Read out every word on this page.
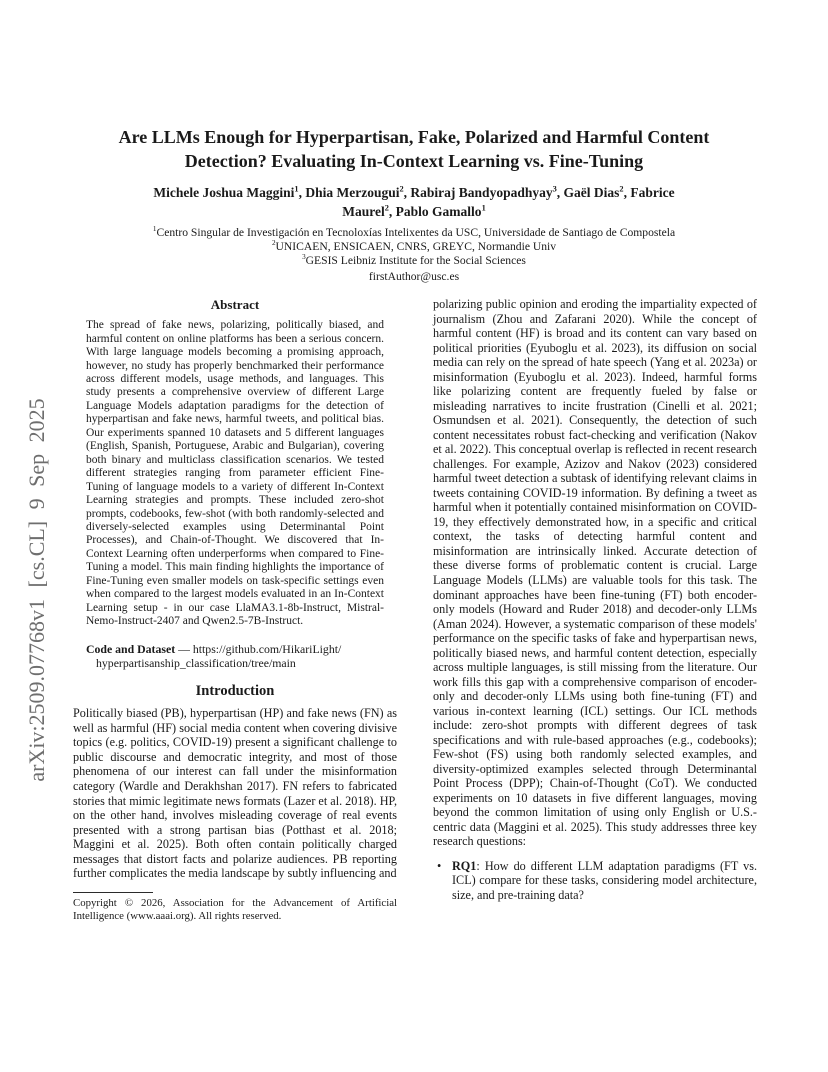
arXiv:2509.07768v1 [cs.CL] 9 Sep 2025
Are LLMs Enough for Hyperpartisan, Fake, Polarized and Harmful Content
Detection? Evaluating In-Context Learning vs. Fine-Tuning
Michele Joshua Maggini$^1$, Dhia Merzougui$^2$, Rabiraj Bandyopadhyay$^3$, Gaël Dias$^2$, Fabrice
Maurel$^2$, Pablo Gamallo$^1$
$^1$Centro Singular de Investigación en Tecnoloxías Intelixentes da USC, Universidade de Santiago de Compostela
$^2$UNICAEN, ENSICAEN, CNRS, GREYC, Normandie Univ
$^3$GESIS Leibniz Institute for the Social Sciences
firstAuthor@usc.es
Abstract
The spread of fake news, polarizing, politically biased, and harmful content on online platforms has been a serious concern. With large language models becoming a promising approach, however, no study has properly benchmarked their performance across different models, usage methods, and languages. This study presents a comprehensive overview of different Large Language Models adaptation paradigms for the detection of hyperpartisan and fake news, harmful tweets, and political bias. Our experiments spanned 10 datasets and 5 different languages (English, Spanish, Portuguese, Arabic and Bulgarian), covering both binary and multiclass classification scenarios. We tested different strategies ranging from parameter efficient Fine-Tuning of language models to a variety of different In-Context Learning strategies and prompts. These included zero-shot prompts, codebooks, few-shot (with both randomly-selected and diversely-selected examples using Determinantal Point Processes), and Chain-of-Thought. We discovered that In-Context Learning often underperforms when compared to Fine-Tuning a model. This main finding highlights the importance of Fine-Tuning even smaller models on task-specific settings even when compared to the largest models evaluated in an In-Context Learning setup - in our case LlaMA3.1-8b-Instruct, Mistral-Nemo-Instruct-2407 and Qwen2.5-7B-Instruct.
Code and Dataset — https://github.com/HikariLight/hyperpartisanship_classification/tree/main
Introduction

Politically biased (PB), hyperpartisan (HP) and fake news (FN) as well as harmful (HF) social media content when covering divisive topics (e.g. politics, COVID-19) present a significant challenge to public discourse and democratic integrity, and most of those phenomena of our interest can fall under the misinformation category (Wardle and Derakhshan 2017). FN refers to fabricated stories that mimic legitimate news formats (Lazer et al. 2018). HP, on the other hand, involves misleading coverage of real events presented with a strong partisan bias (Potthast et al. 2018; Maggini et al. 2025). Both often contain politically charged messages that distort facts and polarize audiences. PB reporting further complicates the media landscape by subtly influencing and

Copyright © 2026, Association for the Advancement of Artificial Intelligence (www.aaai.org). All rights reserved.

polarizing public opinion and eroding the impartiality expected of journalism (Zhou and Zafarani 2020). While the concept of harmful content (HF) is broad and its content can vary based on political priorities (Eyuboglu et al. 2023), its diffusion on social media can rely on the spread of hate speech (Yang et al. 2023a) or misinformation (Eyuboglu et al. 2023). Indeed, harmful forms like polarizing content are frequently fueled by false or misleading narratives to incite frustration (Cinelli et al. 2021; Osmundsen et al. 2021). Consequently, the detection of such content necessitates robust fact-checking and verification (Nakov et al. 2022). This conceptual overlap is reflected in recent research challenges. For example, Azizov and Nakov (2023) considered harmful tweet detection a subtask of identifying relevant claims in tweets containing COVID-19 information. By defining a tweet as harmful when it potentially contained misinformation on COVID-19, they effectively demonstrated how, in a specific and critical context, the tasks of detecting harmful content and misinformation are intrinsically linked. Accurate detection of these diverse forms of problematic content is crucial. Large Language Models (LLMs) are valuable tools for this task. The dominant approaches have been fine-tuning (FT) both encoder-only models (Howard and Ruder 2018) and decoder-only LLMs (Aman 2024). However, a systematic comparison of these models' performance on the specific tasks of fake and hyperpartisan news, politically biased news, and harmful content detection, especially across multiple languages, is still missing from the literature. Our work fills this gap with a comprehensive comparison of encoder-only and decoder-only LLMs using both fine-tuning (FT) and various in-context learning (ICL) settings. Our ICL methods include: zero-shot prompts with different degrees of task specifications and with rule-based approaches (e.g., codebooks); Few-shot (FS) using both randomly selected examples, and diversity-optimized examples selected through Determinantal Point Process (DPP); Chain-of-Thought (CoT). We conducted experiments on 10 datasets in five different languages, moving beyond the common limitation of using only English or U.S.-centric data (Maggini et al. 2025). This study addresses three key research questions:

• RQ1: How do different LLM adaptation paradigms (FT vs. ICL) compare for these tasks, considering model architecture, size, and pre-training data?
